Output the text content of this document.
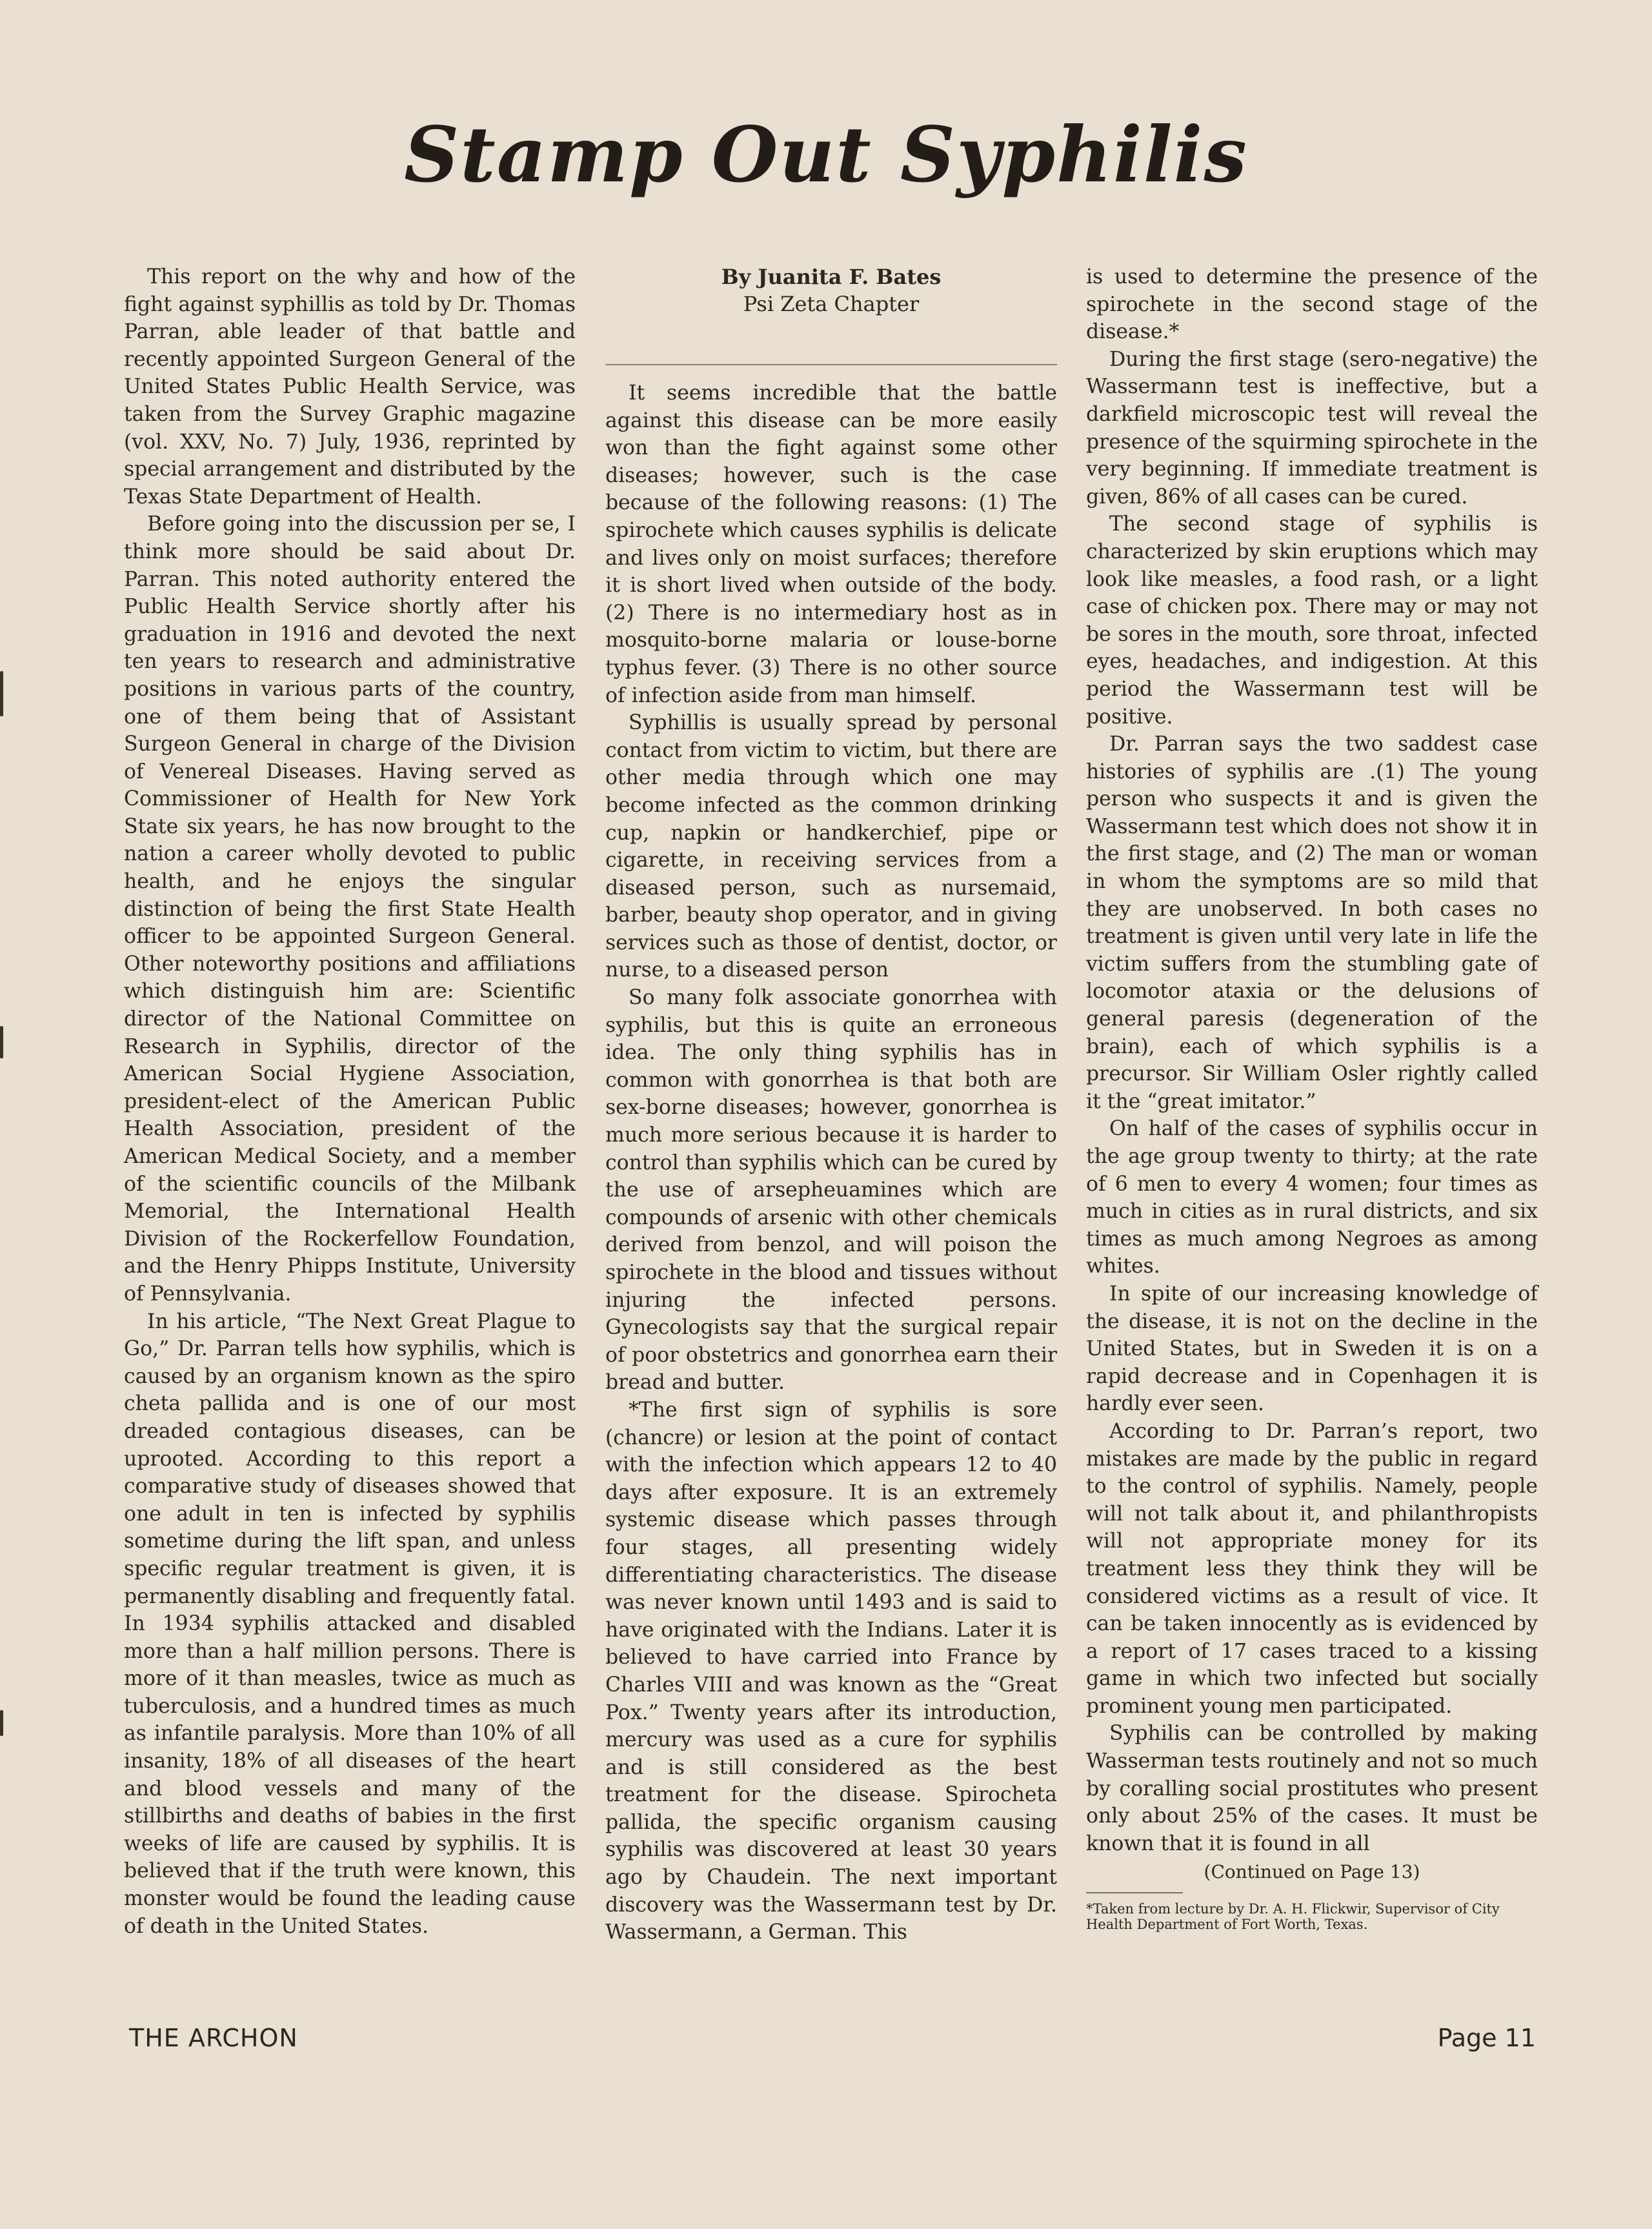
Stamp Out Syphilis

This report on the why and how of the fight against syphillis as told by Dr. Thomas Parran, able leader of that battle and recently appointed Surgeon General of the United States Public Health Service, was taken from the Survey Graphic magazine (vol. XXV, No. 7) July, 1936, reprinted by special arrangement and distributed by the Texas State Department of Health.

Before going into the discussion per se, I think more should be said about Dr. Parran. This noted authority entered the Public Health Service shortly after his graduation in 1916 and devoted the next ten years to research and administrative positions in various parts of the country, one of them being that of Assistant Surgeon General in charge of the Division of Venereal Diseases. Having served as Commissioner of Health for New York State six years, he has now brought to the nation a career wholly devoted to public health, and he enjoys the singular distinction of being the first State Health officer to be appointed Surgeon General. Other noteworthy positions and affiliations which distinguish him are: Scientific director of the National Committee on Research in Syphilis, director of the American Social Hygiene Association, president-elect of the American Public Health Association, president of the American Medical Society, and a member of the scientific councils of the Milbank Memorial, the International Health Division of the Rockerfellow Foundation, and the Henry Phipps Institute, University of Pennsylvania.

In his article, “The Next Great Plague to Go,” Dr. Parran tells how syphilis, which is caused by an organism known as the spiro cheta pallida and is one of our most dreaded contagious diseases, can be uprooted. According to this report a comparative study of diseases showed that one adult in ten is infected by syphilis sometime during the lift span, and unless specific regular treatment is given, it is permanently disabling and frequently fatal. In 1934 syphilis attacked and disabled more than a half million persons. There is more of it than measles, twice as much as tuberculosis, and a hundred times as much as infantile paralysis. More than 10% of all insanity, 18% of all diseases of the heart and blood vessels and many of the stillbirths and deaths of babies in the first weeks of life are caused by syphilis. It is believed that if the truth were known, this monster would be found the leading cause of death in the United States.

By Juanita F. Bates
Psi Zeta Chapter

It seems incredible that the battle against this disease can be more easily won than the fight against some other diseases; however, such is the case because of the following reasons: (1) The spirochete which causes syphilis is delicate and lives only on moist surfaces; therefore it is short lived when outside of the body. (2) There is no intermediary host as in mosquito-borne malaria or louse-borne typhus fever. (3) There is no other source of infection aside from man himself.

Syphillis is usually spread by personal contact from victim to victim, but there are other media through which one may become infected as the common drinking cup, napkin or handkerchief, pipe or cigarette, in receiving services from a diseased person, such as nursemaid, barber, beauty shop operator, and in giving services such as those of dentist, doctor, or nurse, to a diseased person

So many folk associate gonorrhea with syphilis, but this is quite an erroneous idea. The only thing syphilis has in common with gonorrhea is that both are sex-borne diseases; however, gonorrhea is much more serious because it is harder to control than syphilis which can be cured by the use of arsepheuamines which are compounds of arsenic with other chemicals derived from benzol, and will poison the spirochete in the blood and tissues without injuring the infected persons. Gynecologists say that the surgical repair of poor obstetrics and gonorrhea earn their bread and butter.

*The first sign of syphilis is sore (chancre) or lesion at the point of contact with the infection which appears 12 to 40 days after exposure. It is an extremely systemic disease which passes through four stages, all presenting widely differentiating characteristics. The disease was never known until 1493 and is said to have originated with the Indians. Later it is believed to have carried into France by Charles VIII and was known as the “Great Pox.” Twenty years after its introduction, mercury was used as a cure for syphilis and is still considered as the best treatment for the disease. Spirocheta pallida, the specific organism causing syphilis was discovered at least 30 years ago by Chaudein. The next important discovery was the Wassermann test by Dr. Wassermann, a German. This

is used to determine the presence of the spirochete in the second stage of the disease.*

During the first stage (sero-negative) the Wassermann test is ineffective, but a darkfield microscopic test will reveal the presence of the squirming spirochete in the very beginning. If immediate treatment is given, 86% of all cases can be cured.

The second stage of syphilis is characterized by skin eruptions which may look like measles, a food rash, or a light case of chicken pox. There may or may not be sores in the mouth, sore throat, infected eyes, headaches, and indigestion. At this period the Wassermann test will be positive.

Dr. Parran says the two saddest case histories of syphilis are .(1) The young person who suspects it and is given the Wassermann test which does not show it in the first stage, and (2) The man or woman in whom the symptoms are so mild that they are unobserved. In both cases no treatment is given until very late in life the victim suffers from the stumbling gate of locomotor ataxia or the delusions of general paresis (degeneration of the brain), each of which syphilis is a precursor. Sir William Osler rightly called it the “great imitator.”

On half of the cases of syphilis occur in the age group twenty to thirty; at the rate of 6 men to every 4 women; four times as much in cities as in rural districts, and six times as much among Negroes as among whites.

In spite of our increasing knowledge of the disease, it is not on the decline in the United States, but in Sweden it is on a rapid decrease and in Copenhagen it is hardly ever seen.

According to Dr. Parran’s report, two mistakes are made by the public in regard to the control of syphilis. Namely, people will not talk about it, and philanthropists will not appropriate money for its treatment less they think they will be considered victims as a result of vice. It can be taken innocently as is evidenced by a report of 17 cases traced to a kissing game in which two infected but socially prominent young men participated.

Syphilis can be controlled by making Wasserman tests routinely and not so much by coralling social prostitutes who present only about 25% of the cases. It must be known that it is found in all

(Continued on Page 13)
*Taken from lecture by Dr. A. H. Flickwir, Supervisor of City Health Department of Fort Worth, Texas.
THE ARCHON	Page 11
